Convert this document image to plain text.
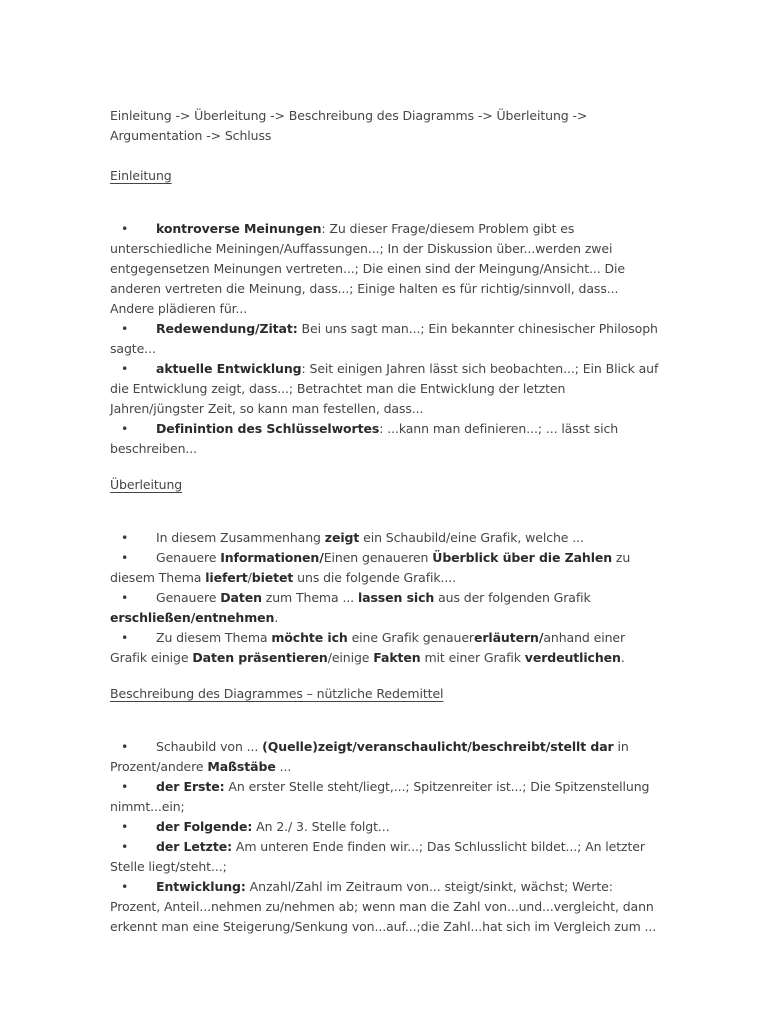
Einleitung -> Überleitung -> Beschreibung des Diagramms -> Überleitung -> Argumentation -> Schluss

Einleitung

• kontroverse Meinungen: Zu dieser Frage/diesem Problem gibt es unterschiedliche Meiningen/Auffassungen...; In der Diskussion über...werden zwei entgegensetzen Meinungen vertreten...; Die einen sind der Meingung/Ansicht... Die anderen vertreten die Meinung, dass...; Einige halten es für richtig/sinnvoll, dass... Andere plädieren für...

• Redewendung/Zitat: Bei uns sagt man...; Ein bekannter chinesischer Philosoph sagte...

• aktuelle Entwicklung: Seit einigen Jahren lässt sich beobachten...; Ein Blick auf die Entwicklung zeigt, dass...; Betrachtet man die Entwicklung der letzten Jahren/jüngster Zeit, so kann man festellen, dass...

• Definintion des Schlüsselwortes: ...kann man definieren...; ... lässt sich beschreiben...

Überleitung

• In diesem Zusammenhang zeigt ein Schaubild/eine Grafik, welche ...

• Genauere Informationen/Einen genaueren Überblick über die Zahlen zu diesem Thema liefert/bietet uns die folgende Grafik....

• Genauere Daten zum Thema ... lassen sich aus der folgenden Grafik erschließen/entnehmen.

• Zu diesem Thema möchte ich eine Grafik genauererläutern/anhand einer Grafik einige Daten präsentieren/einige Fakten mit einer Grafik verdeutlichen.

Beschreibung des Diagrammes – nützliche Redemittel

• Schaubild von ... (Quelle)zeigt/veranschaulicht/beschreibt/stellt dar in Prozent/andere Maßstäbe ...

• der Erste: An erster Stelle steht/liegt,...; Spitzenreiter ist...; Die Spitzenstellung nimmt...ein;

• der Folgende: An 2./ 3. Stelle folgt...

• der Letzte: Am unteren Ende finden wir...; Das Schlusslicht bildet...; An letzter Stelle liegt/steht...;

• Entwicklung: Anzahl/Zahl im Zeitraum von... steigt/sinkt, wächst; Werte: Prozent, Anteil...nehmen zu/nehmen ab; wenn man die Zahl von...und...vergleicht, dann erkennt man eine Steigerung/Senkung von...auf...;die Zahl...hat sich im Vergleich zum ...
